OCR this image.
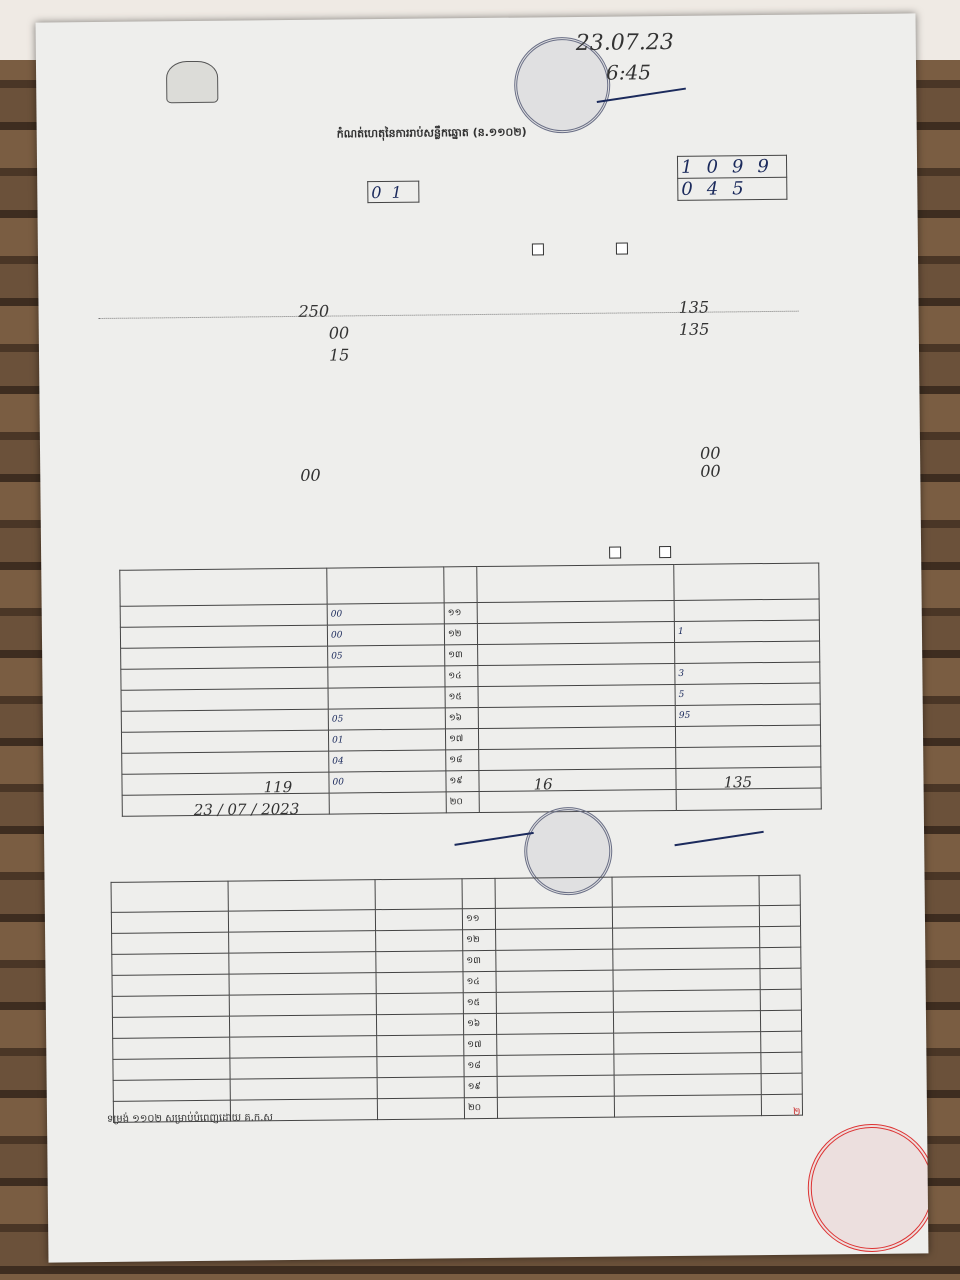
23.07.23
6:45
កំណត់ហេតុនៃការរាប់សន្លឹកឆ្នោត (ន.១១០២)
1099
045
01
250	135
00	135
15
00
00	00

	00	១១		
	00	១២		1
	05	១៣		
		១៤		3
		១៥		5
	05	១៦		95
	01	១៧		
	04	១៨		
	00	១៩		
		២០		
119	16	135
23 / 07 / 2023

			១១			
			១២			
			១៣			
			១៤			
			១៥			
			១៦			
			១៧			
			១៨			
			១៩			
			២០			
ទម្រង់ ១១០២ សម្រាប់បំពេញដោយ គ.ក.ស	២
